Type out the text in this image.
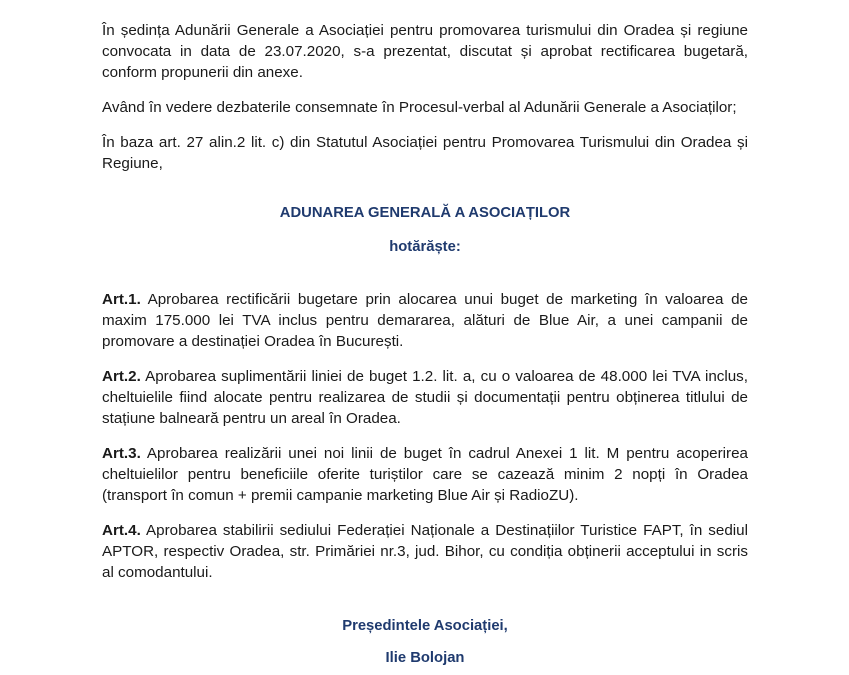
În ședința Adunării Generale a Asociației pentru promovarea turismului din Oradea și regiune convocata in data de 23.07.2020, s-a prezentat, discutat și aprobat rectificarea bugetară, conform propunerii din anexe.

Având în vedere dezbaterile consemnate în Procesul-verbal al Adunării Generale a Asociaților;

În baza art. 27 alin.2 lit. c) din Statutul Asociației pentru Promovarea Turismului din Oradea și Regiune,

ADUNAREA GENERALĂ A ASOCIAȚILOR
hotărăște:

Art.1. Aprobarea rectificării bugetare prin alocarea unui buget de marketing în valoarea de maxim 175.000 lei TVA inclus pentru demararea, alături de Blue Air, a unei campanii de promovare a destinației Oradea în București.

Art.2. Aprobarea suplimentării liniei de buget 1.2. lit. a, cu o valoarea de 48.000 lei TVA inclus, cheltuielile fiind alocate pentru realizarea de studii și documentații pentru obținerea titlului de stațiune balneară pentru un areal în Oradea.

Art.3. Aprobarea realizării unei noi linii de buget în cadrul Anexei 1 lit. M pentru acoperirea cheltuielilor pentru beneficiile oferite turiștilor care se cazează minim 2 nopți în Oradea (transport în comun + premii campanie marketing Blue Air și RadioZU).

Art.4. Aprobarea stabilirii sediului Federației Naționale a Destinațiilor Turistice FAPT, în sediul APTOR, respectiv Oradea, str. Primăriei nr.3, jud. Bihor, cu condiția obținerii acceptului in scris al comodantului.

Președintele Asociației,
Ilie Bolojan
